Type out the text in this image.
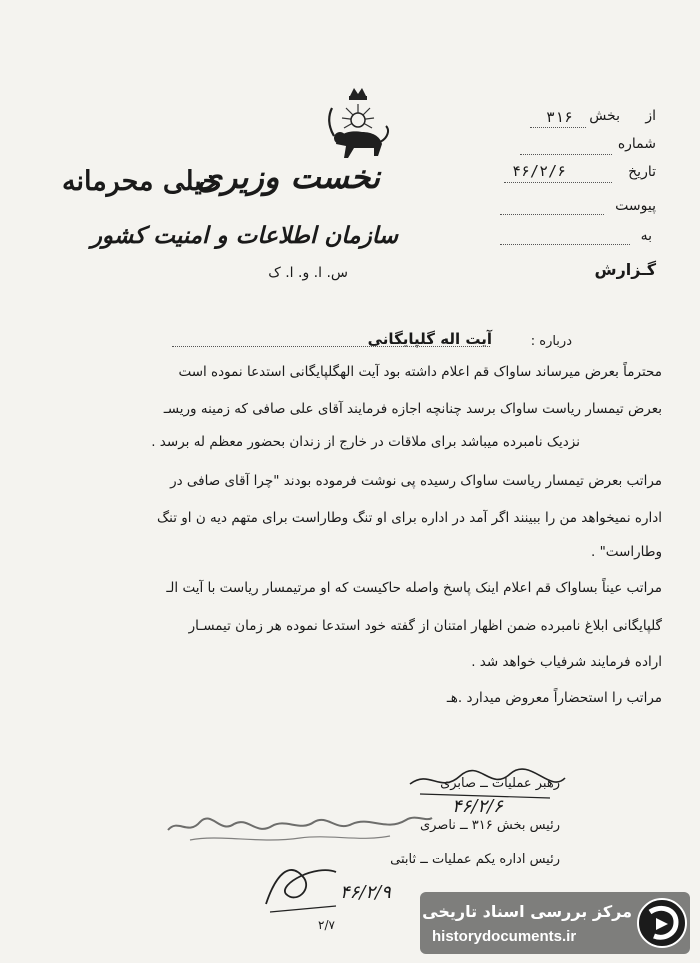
نخست وزیری
خیلی محرمانه
سازمان اطلاعات و امنیت کشور
س. ا. و. ا. ک
از
بخش
۳۱۶
شماره
تاریخ
۴۶/۲/۶
پیوست
به
گـزارش
درباره :
آیت اله گلپایگانی
محترماً بعرض میرساند ساواک قم اعلام داشته بود آیت الهگلپایگانی استدعا نموده است
بعرض تیمسار ریاست ساواک برسد چنانچه اجازه فرمایند آقای علی صافی که زمینه وریسـ
نزدیک نامبرده میباشد برای ملاقات در خارج از زندان بحضور معظم له برسد .
مراتب بعرض تیمسار ریاست ساواک رسیده پی نوشت فرموده بودند "چرا آقای صافی در
اداره نمیخواهد من را ببینند اگر آمد در اداره برای او تنگ وطاراست برای متهم دیه ن او تنگ
وطاراست" .
مراتب عیناً بساواک قم اعلام اینک پاسخ واصله حاکیست که او مرتیمسار ریاست با آیت الـ
گلپایگانی ابلاغ نامبرده ضمن اظهار امتنان از گفته خود استدعا نموده هر زمان تیمسـار
اراده فرمایند شرفیاب خواهد شد .
مراتب را استحضاراً معروض میدارد .هـ
رهبر عملیات ــ صابری
۴۶/۲/۶
رئیس بخش ۳۱۶ ــ ناصری
رئیس اداره یکم عملیات ــ ثابتی
۴۶/۲/۹
۲/۷
مرکز بررسی اسناد تاریخی
historydocuments.ir
